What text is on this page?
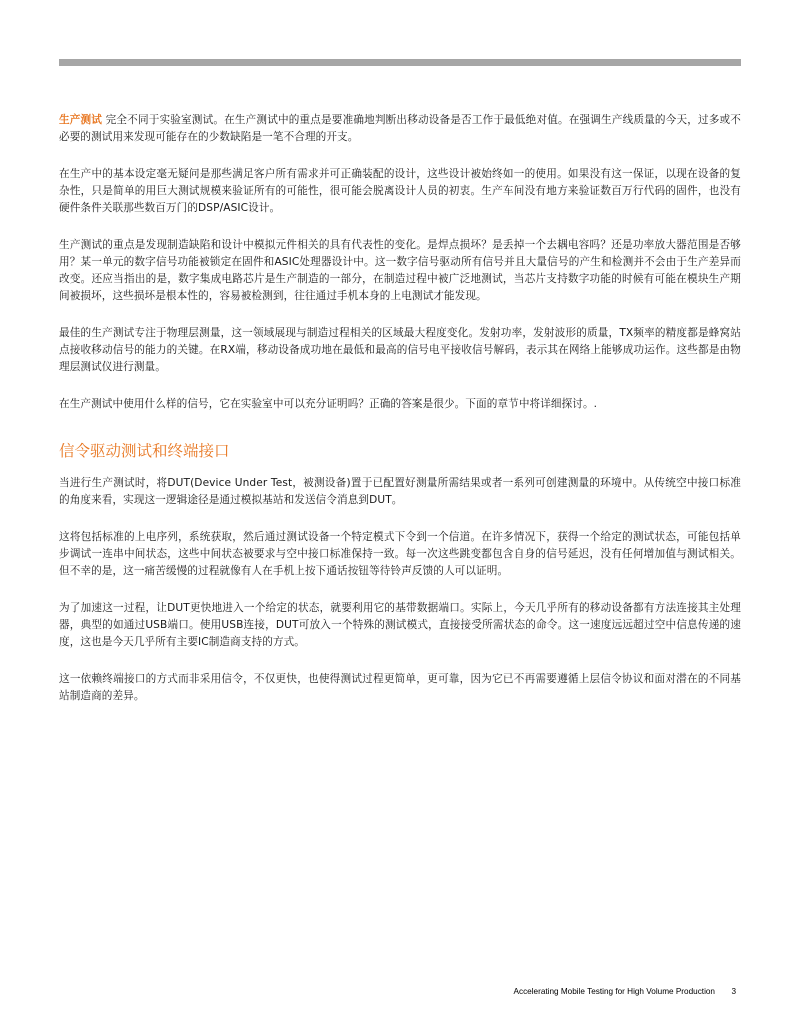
生产测试 完全不同于实验室测试。在生产测试中的重点是要准确地判断出移动设备是否工作于最低绝对值。在强调生产线质量的今天，过多或不必要的测试用来发现可能存在的少数缺陷是一笔不合理的开支。

在生产中的基本设定毫无疑问是那些满足客户所有需求并可正确装配的设计，这些设计被始终如一的使用。如果没有这一保证，以现在设备的复杂性，只是简单的用巨大测试规模来验证所有的可能性，很可能会脱离设计人员的初衷。生产车间没有地方来验证数百万行代码的固件，也没有硬件条件关联那些数百万门的DSP/ASIC设计。

生产测试的重点是发现制造缺陷和设计中模拟元件相关的具有代表性的变化。是焊点损坏？是丢掉一个去耦电容吗？还是功率放大器范围是否够用？某一单元的数字信号功能被锁定在固件和ASIC处理器设计中。这一数字信号驱动所有信号并且大量信号的产生和检测并不会由于生产差异而改变。还应当指出的是，数字集成电路芯片是生产制造的一部分，在制造过程中被广泛地测试，当芯片支持数字功能的时候有可能在模块生产期间被损坏，这些损坏是根本性的，容易被检测到，往往通过手机本身的上电测试才能发现。

最佳的生产测试专注于物理层测量，这一领域展现与制造过程相关的区域最大程度变化。发射功率，发射波形的质量，TX频率的精度都是蜂窝站点接收移动信号的能力的关键。在RX端，移动设备成功地在最低和最高的信号电平接收信号解码，表示其在网络上能够成功运作。这些都是由物理层测试仪进行测量。

在生产测试中使用什么样的信号，它在实验室中可以充分证明吗？正确的答案是很少。下面的章节中将详细探讨。.

信令驱动测试和终端接口

当进行生产测试时，将DUT(Device Under Test，被测设备)置于已配置好测量所需结果或者一系列可创建测量的环境中。从传统空中接口标准的角度来看，实现这一逻辑途径是通过模拟基站和发送信令消息到DUT。

这将包括标准的上电序列，系统获取，然后通过测试设备一个特定模式下令到一个信道。在许多情况下，获得一个给定的测试状态，可能包括单步调试一连串中间状态，这些中间状态被要求与空中接口标准保持一致。每一次这些跳变都包含自身的信号延迟，没有任何增加值与测试相关。但不幸的是，这一痛苦缓慢的过程就像有人在手机上按下通话按钮等待铃声反馈的人可以证明。

为了加速这一过程，让DUT更快地进入一个给定的状态，就要利用它的基带数据端口。实际上，今天几乎所有的移动设备都有方法连接其主处理器，典型的如通过USB端口。使用USB连接，DUT可放入一个特殊的测试模式，直接接受所需状态的命令。这一速度远远超过空中信息传递的速度，这也是今天几乎所有主要IC制造商支持的方式。

这一依赖终端接口的方式而非采用信令，不仅更快，也使得测试过程更简单，更可靠，因为它已不再需要遵循上层信令协议和面对潜在的不同基站制造商的差异。

Accelerating Mobile Testing for High Volume Production 3
